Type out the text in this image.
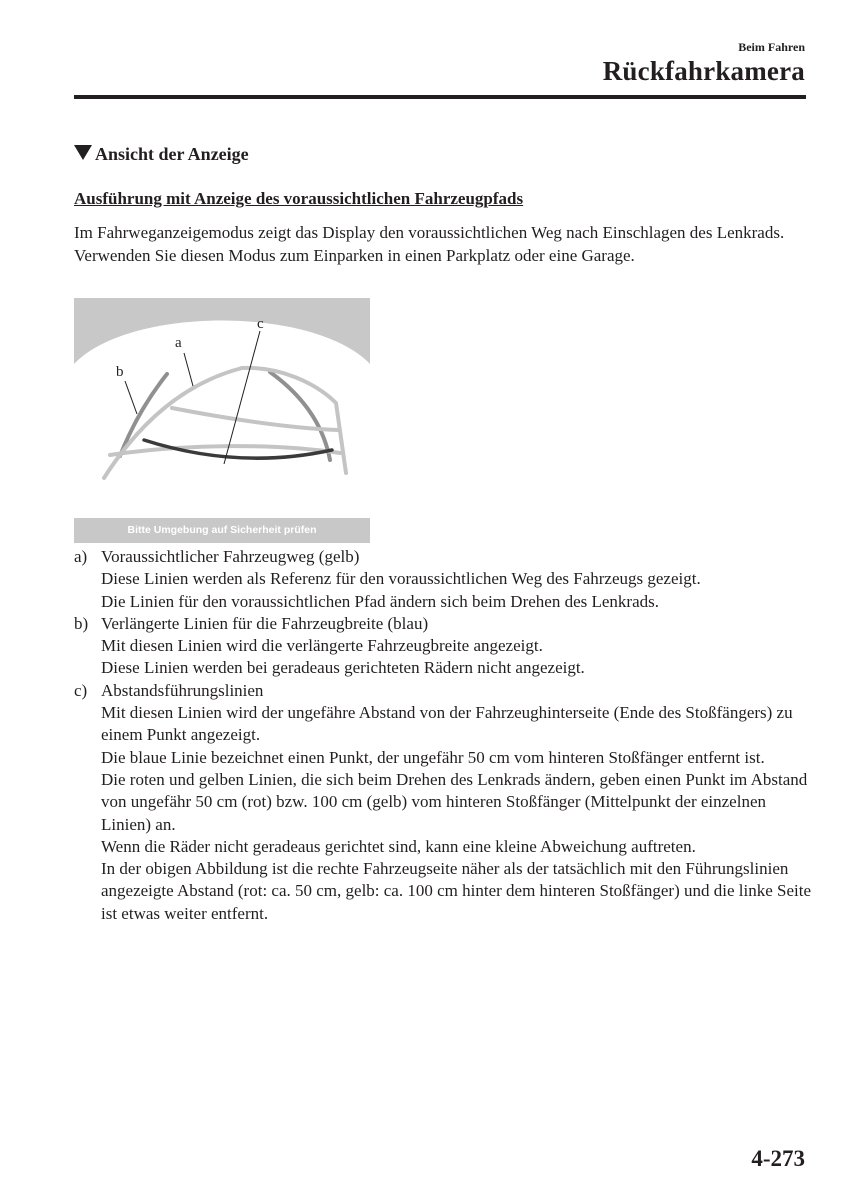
Beim Fahren
Rückfahrkamera
Ansicht der Anzeige
Ausführung mit Anzeige des voraussichtlichen Fahrzeugpfads

Im Fahrweganzeigemodus zeigt das Display den voraussichtlichen Weg nach Einschlagen des Lenkrads.

Verwenden Sie diesen Modus zum Einparken in einen Parkplatz oder eine Garage.

c
a
b
Bitte Umgebung auf Sicherheit prüfen
a) Voraussichtlicher Fahrzeugweg (gelb)

Diese Linien werden als Referenz für den voraussichtlichen Weg des Fahrzeugs gezeigt.

Die Linien für den voraussichtlichen Pfad ändern sich beim Drehen des Lenkrads.

b) Verlängerte Linien für die Fahrzeugbreite (blau)

Mit diesen Linien wird die verlängerte Fahrzeugbreite angezeigt.

Diese Linien werden bei geradeaus gerichteten Rädern nicht angezeigt.

c) Abstandsführungslinien

Mit diesen Linien wird der ungefähre Abstand von der Fahrzeughinterseite (Ende des Stoßfängers) zu einem Punkt angezeigt.

Die blaue Linie bezeichnet einen Punkt, der ungefähr 50 cm vom hinteren Stoßfänger entfernt ist.

Die roten und gelben Linien, die sich beim Drehen des Lenkrads ändern, geben einen Punkt im Abstand von ungefähr 50 cm (rot) bzw. 100 cm (gelb) vom hinteren Stoßfänger (Mittelpunkt der einzelnen Linien) an.

Wenn die Räder nicht geradeaus gerichtet sind, kann eine kleine Abweichung auftreten.

In der obigen Abbildung ist die rechte Fahrzeugseite näher als der tatsächlich mit den Führungslinien angezeigte Abstand (rot: ca. 50 cm, gelb: ca. 100 cm hinter dem hinteren Stoßfänger) und die linke Seite ist etwas weiter entfernt.

4-273
